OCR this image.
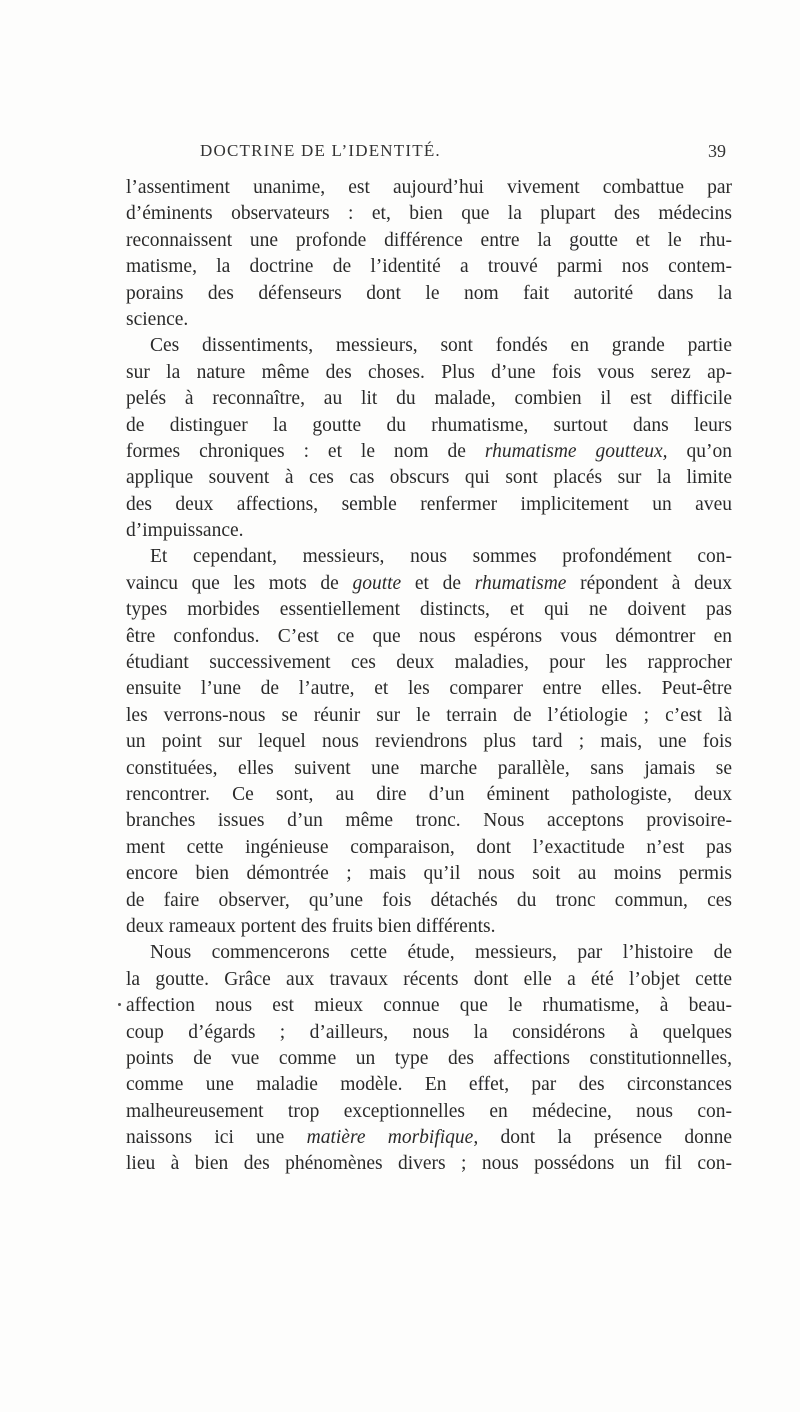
DOCTRINE DE L’IDENTITÉ.	39
l’assentiment unanime, est aujourd’hui vivement combattue par
d’éminents observateurs : et, bien que la plupart des médecins
reconnaissent une profonde différence entre la goutte et le rhu-
matisme, la doctrine de l’identité a trouvé parmi nos contem-
porains des défenseurs dont le nom fait autorité dans la
science.
Ces dissentiments, messieurs, sont fondés en grande partie
sur la nature même des choses. Plus d’une fois vous serez ap-
pelés à reconnaître, au lit du malade, combien il est difficile
de distinguer la goutte du rhumatisme, surtout dans leurs
formes chroniques : et le nom de rhumatisme goutteux, qu’on
applique souvent à ces cas obscurs qui sont placés sur la limite
des deux affections, semble renfermer implicitement un aveu
d’impuissance.
Et cependant, messieurs, nous sommes profondément con-
vaincu que les mots de goutte et de rhumatisme répondent à deux
types morbides essentiellement distincts, et qui ne doivent pas
être confondus. C’est ce que nous espérons vous démontrer en
étudiant successivement ces deux maladies, pour les rapprocher
ensuite l’une de l’autre, et les comparer entre elles. Peut-être
les verrons-nous se réunir sur le terrain de l’étiologie ; c’est là
un point sur lequel nous reviendrons plus tard ; mais, une fois
constituées, elles suivent une marche parallèle, sans jamais se
rencontrer. Ce sont, au dire d’un éminent pathologiste, deux
branches issues d’un même tronc. Nous acceptons provisoire-
ment cette ingénieuse comparaison, dont l’exactitude n’est pas
encore bien démontrée ; mais qu’il nous soit au moins permis
de faire observer, qu’une fois détachés du tronc commun, ces
deux rameaux portent des fruits bien différents.
Nous commencerons cette étude, messieurs, par l’histoire de
la goutte. Grâce aux travaux récents dont elle a été l’objet cette
affection nous est mieux connue que le rhumatisme, à beau-
coup d’égards ; d’ailleurs, nous la considérons à quelques
points de vue comme un type des affections constitutionnelles,
comme une maladie modèle. En effet, par des circonstances
malheureusement trop exceptionnelles en médecine, nous con-
naissons ici une matière morbifique, dont la présence donne
lieu à bien des phénomènes divers ; nous possédons un fil con-
